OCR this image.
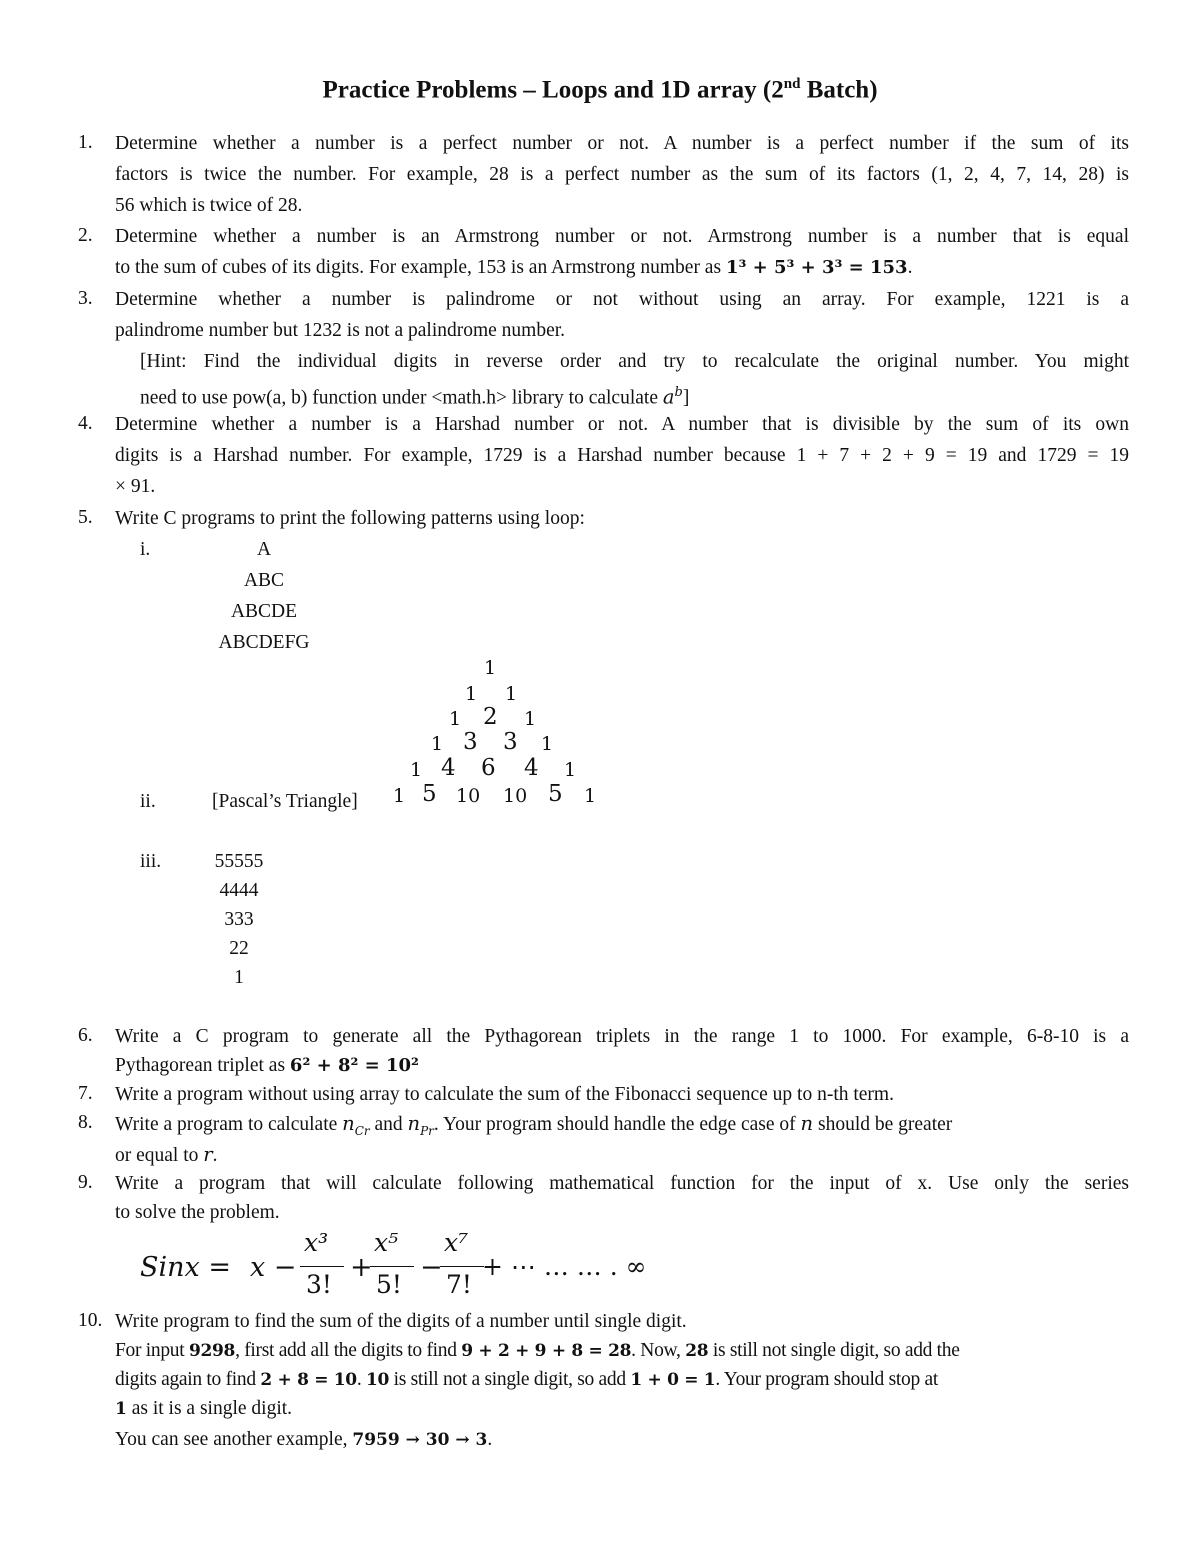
Practice Problems – Loops and 1D array (2nd Batch)
1. Determine whether a number is a perfect number or not. A number is a perfect number if the sum of its
factors is twice the number. For example, 28 is a perfect number as the sum of its factors (1, 2, 4, 7, 14, 28) is
56 which is twice of 28.
2. Determine whether a number is an Armstrong number or not. Armstrong number is a number that is equal
to the sum of cubes of its digits. For example, 153 is an Armstrong number as 1³ + 5³ + 3³ = 153.
3. Determine whether a number is palindrome or not without using an array. For example, 1221 is a
palindrome number but 1232 is not a palindrome number.
[Hint: Find the individual digits in reverse order and try to recalculate the original number. You might
need to use pow(a, b) function under <math.h> library to calculate $a^b$]
4. Determine whether a number is a Harshad number or not. A number that is divisible by the sum of its own
digits is a Harshad number. For example, 1729 is a Harshad number because 1 + 7 + 2 + 9 = 19 and 1729 = 19
× 91.
5. Write C programs to print the following patterns using loop:
i.	A
ABC
ABCDE
ABCDEFG
1
1 1
1 2 1
1 3 3 1
1 4 6 4 1
1 5 10 10 5 1
ii.	[Pascal’s Triangle]
iii.	55555
4444
333
22
1
6. Write a C program to generate all the Pythagorean triplets in the range 1 to 1000. For example, 6-8-10 is a
Pythagorean triplet as 6² + 8² = 10²
7. Write a program without using array to calculate the sum of the Fibonacci sequence up to n-th term.
8. Write a program to calculate $n_{Cr}$ and $n_{Pr}$. Your program should handle the edge case of n should be greater
or equal to r.
9. Write a program that will calculate following mathematical function for the input of x. Use only the series
to solve the problem.
Sinx = x −
x³
3!
+
x⁵
5!
−
x⁷
7!
+ ⋯ … … . ∞
10. Write program to find the sum of the digits of a number until single digit.
For input 9298, first add all the digits to find 9 + 2 + 9 + 8 = 28. Now, 28 is still not single digit, so add the
digits again to find 2 + 8 = 10. 10 is still not a single digit, so add 1 + 0 = 1. Your program should stop at
1 as it is a single digit.
You can see another example, 7959 → 30 → 3.
